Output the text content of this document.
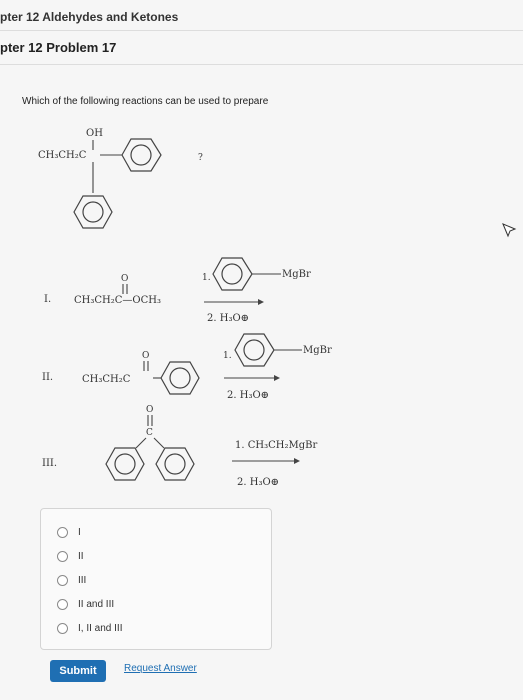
pter 12 Aldehydes and Ketones
pter 12 Problem 17
Which of the following reactions can be used to prepare
OH
CH₃CH₂C	?
I.
O
CH₃CH₂C—OCH₃
1.	MgBr
2. H₃O⊕
II.
O
CH₃CH₂C
1.	MgBr
2. H₃O⊕
III.
O
C
1. CH₃CH₂MgBr
2. H₃O⊕
I
II
III
II and III
I, II and III
Submit	Request Answer
